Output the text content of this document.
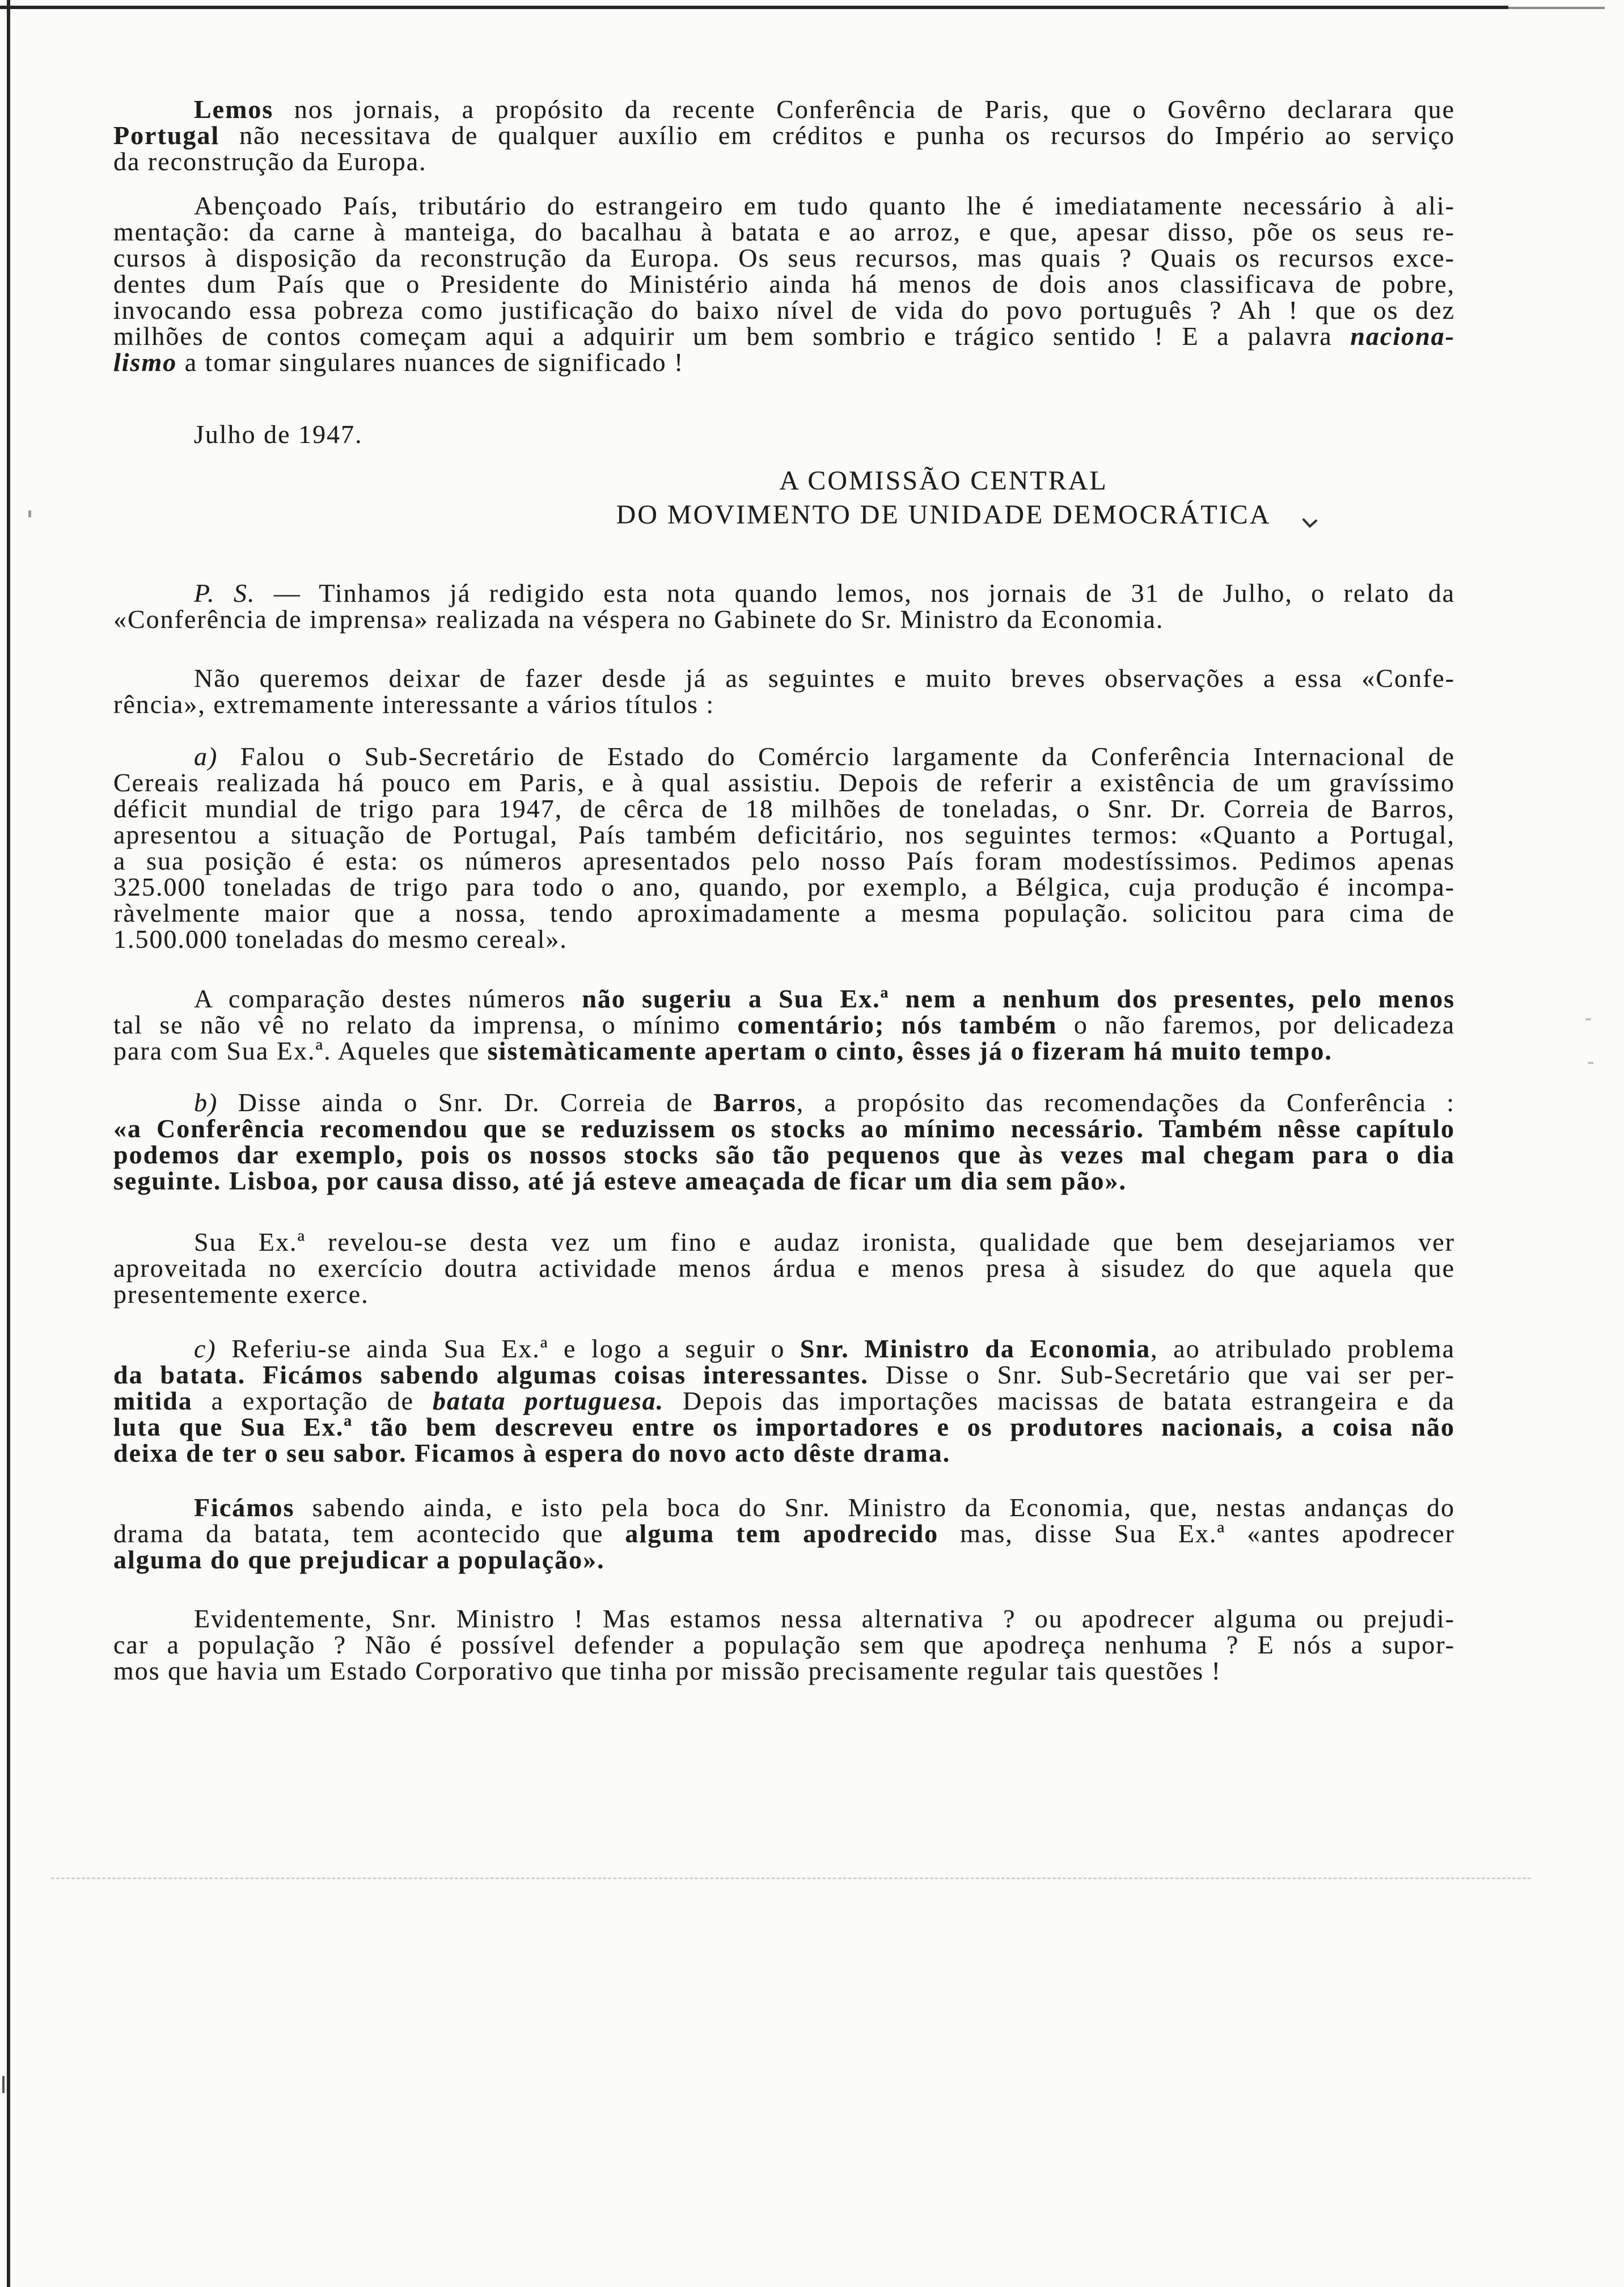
Lemos nos jornais, a propósito da recente Conferência de Paris, que o Govêrno declarara que
Portugal não necessitava de qualquer auxílio em créditos e punha os recursos do Império ao serviço
da reconstrução da Europa.
Abençoado País, tributário do estrangeiro em tudo quanto lhe é imediatamente necessário à ali-
mentação: da carne à manteiga, do bacalhau à batata e ao arroz, e que, apesar disso, põe os seus re-
cursos à disposição da reconstrução da Europa. Os seus recursos, mas quais ? Quais os recursos exce-
dentes dum País que o Presidente do Ministério ainda há menos de dois anos classificava de pobre,
invocando essa pobreza como justificação do baixo nível de vida do povo português ? Ah ! que os dez
milhões de contos começam aqui a adquirir um bem sombrio e trágico sentido ! E a palavra naciona-
lismo a tomar singulares nuances de significado !
Julho de 1947.
A COMISSÃO CENTRAL
DO MOVIMENTO DE UNIDADE DEMOCRÁTICA
P. S. — Tinhamos já redigido esta nota quando lemos, nos jornais de 31 de Julho, o relato da
«Conferência de imprensa» realizada na véspera no Gabinete do Sr. Ministro da Economia.
Não queremos deixar de fazer desde já as seguintes e muito breves observações a essa «Confe-
rência», extremamente interessante a vários títulos :
a) Falou o Sub-Secretário de Estado do Comércio largamente da Conferência Internacional de
Cereais realizada há pouco em Paris, e à qual assistiu. Depois de referir a existência de um gravíssimo
déficit mundial de trigo para 1947, de cêrca de 18 milhões de toneladas, o Snr. Dr. Correia de Barros,
apresentou a situação de Portugal, País também deficitário, nos seguintes termos: «Quanto a Portugal,
a sua posição é esta: os números apresentados pelo nosso País foram modestíssimos. Pedimos apenas
325.000 toneladas de trigo para todo o ano, quando, por exemplo, a Bélgica, cuja produção é incompa-
ràvelmente maior que a nossa, tendo aproximadamente a mesma população. solicitou para cima de
1.500.000 toneladas do mesmo cereal».
A comparação destes números não sugeriu a Sua Ex.ª nem a nenhum dos presentes, pelo menos
tal se não vê no relato da imprensa, o mínimo comentário; nós também o não faremos, por delicadeza
para com Sua Ex.ª. Aqueles que sistemàticamente apertam o cinto, êsses já o fizeram há muito tempo.
b) Disse ainda o Snr. Dr. Correia de Barros, a propósito das recomendações da Conferência :
«a Conferência recomendou que se reduzissem os stocks ao mínimo necessário. Também nêsse capítulo
podemos dar exemplo, pois os nossos stocks são tão pequenos que às vezes mal chegam para o dia
seguinte. Lisboa, por causa disso, até já esteve ameaçada de ficar um dia sem pão».
Sua Ex.ª revelou-se desta vez um fino e audaz ironista, qualidade que bem desejariamos ver
aproveitada no exercício doutra actividade menos árdua e menos presa à sisudez do que aquela que
presentemente exerce.
c) Referiu-se ainda Sua Ex.ª e logo a seguir o Snr. Ministro da Economia, ao atribulado problema
da batata. Ficámos sabendo algumas coisas interessantes. Disse o Snr. Sub-Secretário que vai ser per-
mitida a exportação de batata portuguesa. Depois das importações macissas de batata estrangeira e da
luta que Sua Ex.ª tão bem descreveu entre os importadores e os produtores nacionais, a coisa não
deixa de ter o seu sabor. Ficamos à espera do novo acto dêste drama.
Ficámos sabendo ainda, e isto pela boca do Snr. Ministro da Economia, que, nestas andanças do
drama da batata, tem acontecido que alguma tem apodrecido mas, disse Sua Ex.ª «antes apodrecer
alguma do que prejudicar a população».
Evidentemente, Snr. Ministro ! Mas estamos nessa alternativa ? ou apodrecer alguma ou prejudi-
car a população ? Não é possível defender a população sem que apodreça nenhuma ? E nós a supor-
mos que havia um Estado Corporativo que tinha por missão precisamente regular tais questões !
